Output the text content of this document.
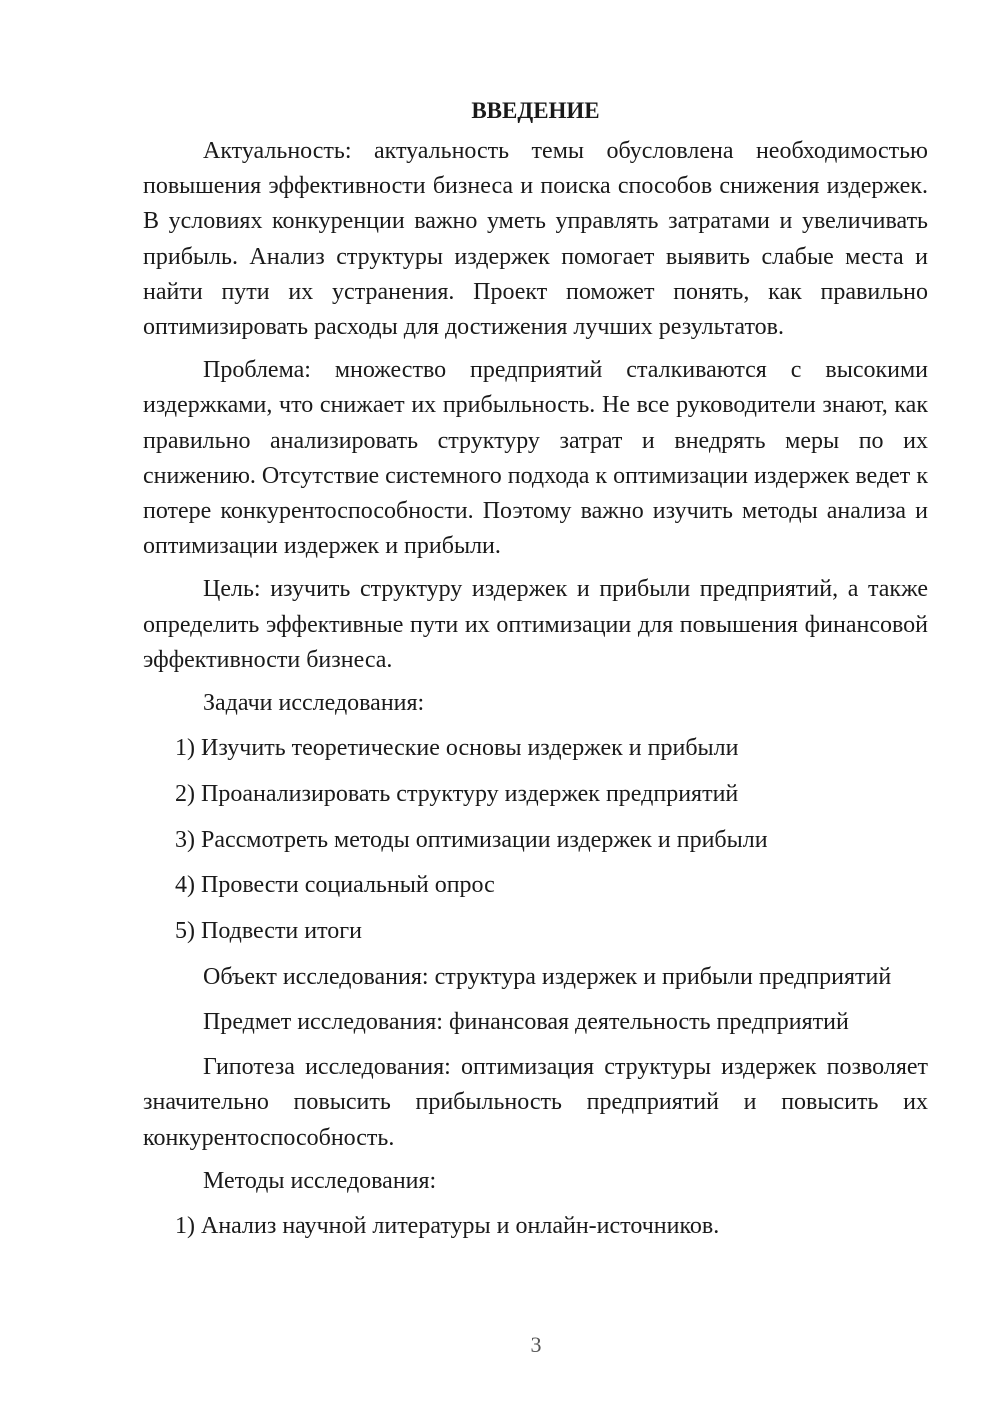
ВВЕДЕНИЕ

Актуальность: актуальность темы обусловлена необходимостью повышения эффективности бизнеса и поиска способов снижения издержек. В условиях конкуренции важно уметь управлять затратами и увеличивать прибыль. Анализ структуры издержек помогает выявить слабые места и найти пути их устранения. Проект поможет понять, как правильно оптимизировать расходы для достижения лучших результатов.

Проблема: множество предприятий сталкиваются с высокими издержками, что снижает их прибыльность. Не все руководители знают, как правильно анализировать структуру затрат и внедрять меры по их снижению. Отсутствие системного подхода к оптимизации издержек ведет к потере конкурентоспособности. Поэтому важно изучить методы анализа и оптимизации издержек и прибыли.

Цель: изучить структуру издержек и прибыли предприятий, а также определить эффективные пути их оптимизации для повышения финансовой эффективности бизнеса.

Задачи исследования:

1) Изучить теоретические основы издержек и прибыли

2) Проанализировать структуру издержек предприятий

3) Рассмотреть методы оптимизации издержек и прибыли

4) Провести социальный опрос

5) Подвести итоги

Объект исследования: структура издержек и прибыли предприятий

Предмет исследования: финансовая деятельность предприятий

Гипотеза исследования: оптимизация структуры издержек позволяет значительно повысить прибыльность предприятий и повысить их конкурентоспособность.

Методы исследования:

1) Анализ научной литературы и онлайн-источников.

3
